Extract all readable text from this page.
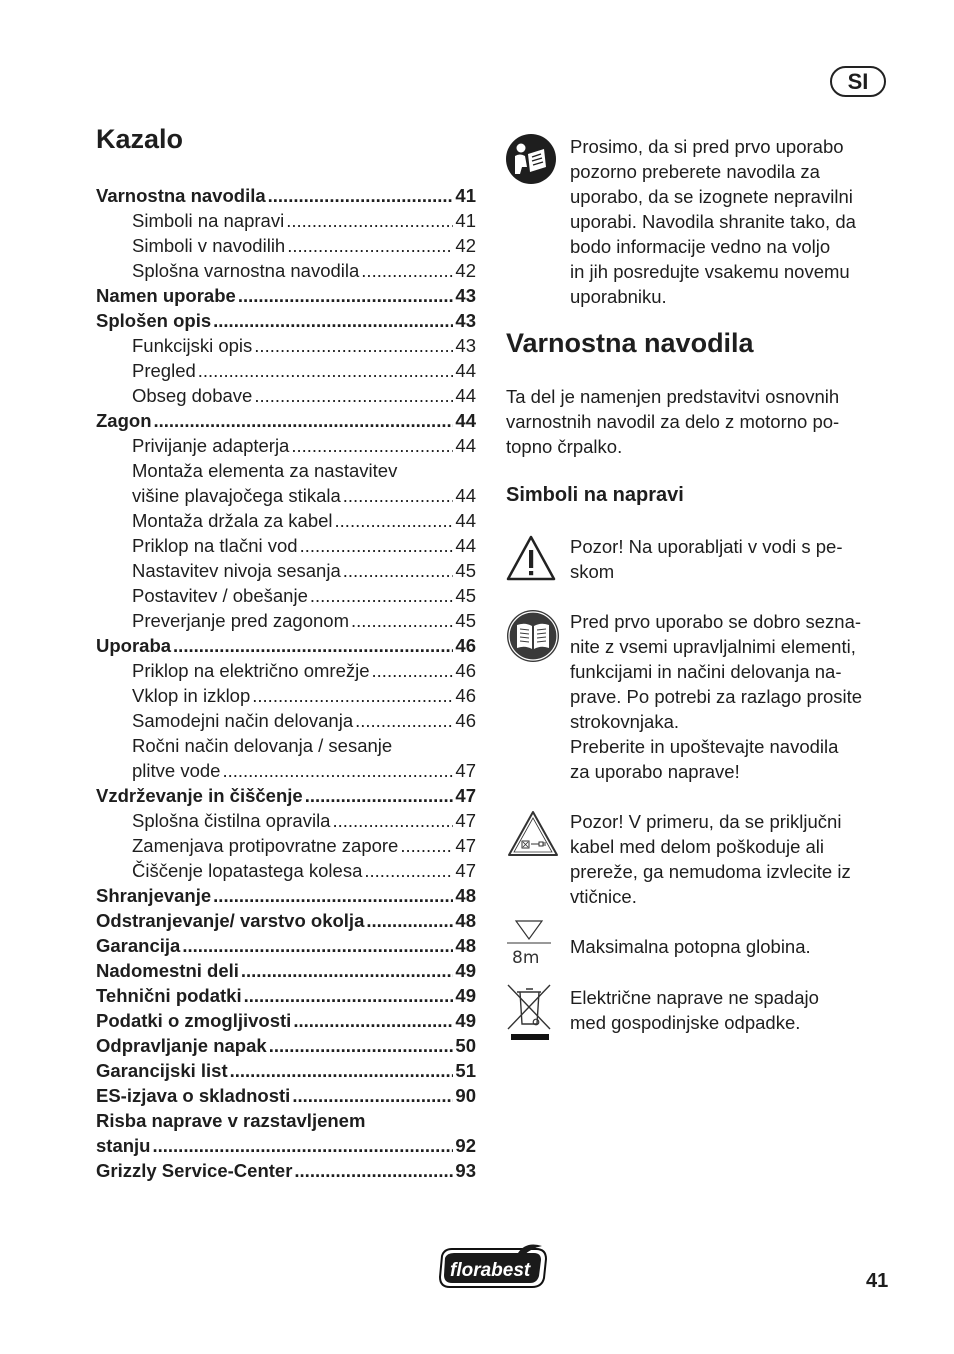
SI
Kazalo
Varnostna navodila .....	41
Simboli na napravi .....	41
Simboli v navodilih .....	42
Splošna varnostna navodila .....	42
Namen uporabe .....	43
Splošen opis .....	43
Funkcijski opis .....	43
Pregled .....	44
Obseg dobave .....	44
Zagon .....	44
Privijanje adapterja .....	44
Montaža elementa za nastavitev
višine plavajočega stikala .....	44
Montaža držala za kabel .....	44
Priklop na tlačni vod .....	44
Nastavitev nivoja sesanja .....	45
Postavitev / obešanje .....	45
Preverjanje pred zagonom .....	45
Uporaba .....	46
Priklop na električno omrežje .....	46
Vklop in izklop .....	46
Samodejni način delovanja .....	46
Ročni način delovanja / sesanje
plitve vode .....	47
Vzdrževanje in čiščenje .....	47
Splošna čistilna opravila .....	47
Zamenjava protipovratne zapore .....	47
Čiščenje lopatastega kolesa .....	47
Shranjevanje .....	48
Odstranjevanje/ varstvo okolja .....	48
Garancija .....	48
Nadomestni deli .....	49
Tehnični podatki .....	49
Podatki o zmogljivosti .....	49
Odpravljanje napak .....	50
Garancijski list .....	51
ES-izjava o skladnosti .....	90
Risba naprave v razstavljenem
stanju .....	92
Grizzly Service-Center .....	93
Prosimo, da si pred prvo uporabo
pozorno preberete navodila za
uporabo, da se izognete nepravilni
uporabi. Navodila shranite tako, da
bodo informacije vedno na voljo
in jih posredujte vsakemu novemu
uporabniku.
Varnostna navodila
Ta del je namenjen predstavitvi osnovnih
varnostnih navodil za delo z motorno po-
topno črpalko.
Simboli na napravi
Pozor! Na uporabljati v vodi s pe-
skom
Pred prvo uporabo se dobro sezna-
nite z vsemi upravljalnimi elementi,
funkcijami in načini delovanja na-
prave. Po potrebi za razlago prosite
strokovnjaka.
Preberite in upoštevajte navodila
za uporabo naprave!
Pozor! V primeru, da se priključni
kabel med delom poškoduje ali
prereže, ga nemudoma izvlecite iz
vtičnice.
8m
Maksimalna potopna globina.
Električne naprave ne spadajo
med gospodinjske odpadke.
florabest	41
